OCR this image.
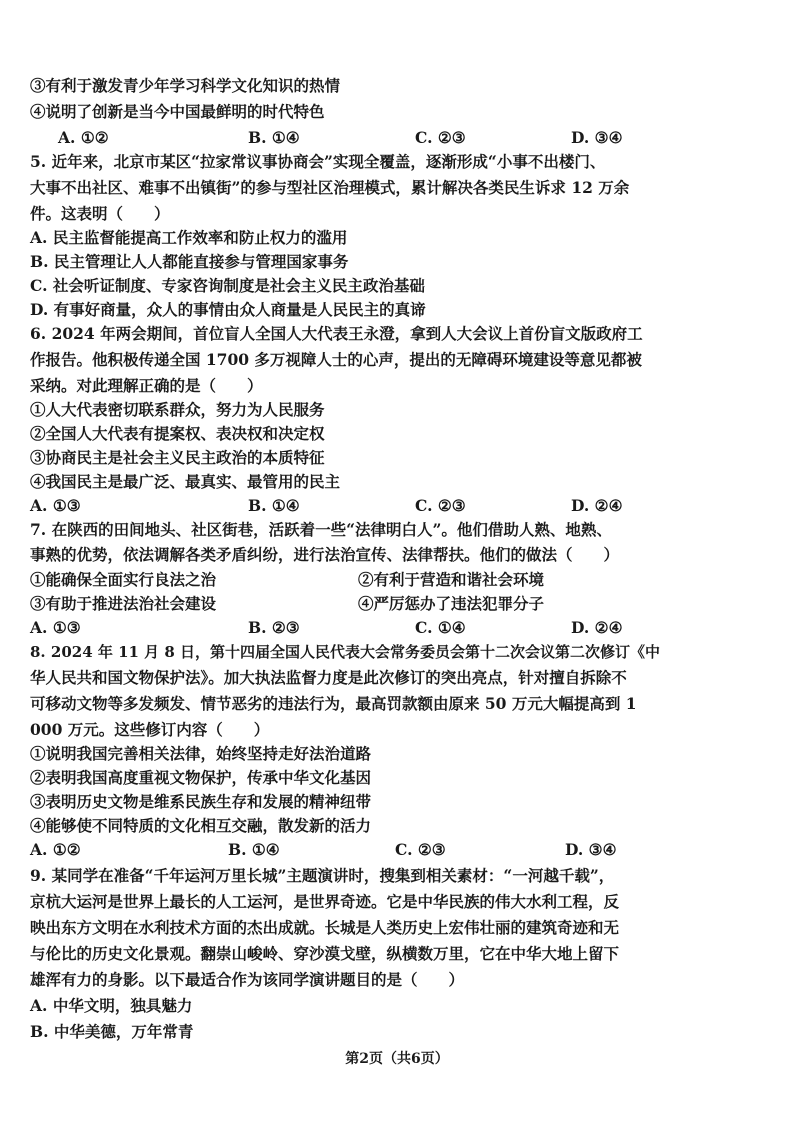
③有利于激发青少年学习科学文化知识的热情
④说明了创新是当今中国最鲜明的时代特色
A. ①②	B. ①④	C. ②③	D. ③④
5. 近年来，北京市某区“拉家常议事协商会”实现全覆盖，逐渐形成“小事不出楼门、
大事不出社区、难事不出镇街”的参与型社区治理模式，累计解决各类民生诉求 12 万余
件。这表明（　　）
A. 民主监督能提高工作效率和防止权力的滥用
B. 民主管理让人人都能直接参与管理国家事务
C. 社会听证制度、专家咨询制度是社会主义民主政治基础
D. 有事好商量，众人的事情由众人商量是人民民主的真谛
6. 2024 年两会期间，首位盲人全国人大代表王永澄，拿到人大会议上首份盲文版政府工
作报告。他积极传递全国 1700 多万视障人士的心声，提出的无障碍环境建设等意见都被
采纳。对此理解正确的是（　　）
①人大代表密切联系群众，努力为人民服务
②全国人大代表有提案权、表决权和决定权
③协商民主是社会主义民主政治的本质特征
④我国民主是最广泛、最真实、最管用的民主
A. ①③	B. ①④	C. ②③	D. ②④
7. 在陕西的田间地头、社区街巷，活跃着一些“法律明白人”。他们借助人熟、地熟、
事熟的优势，依法调解各类矛盾纠纷，进行法治宣传、法律帮扶。他们的做法（　　）
①能确保全面实行良法之治	②有利于营造和谐社会环境
③有助于推进法治社会建设	④严厉惩办了违法犯罪分子
A. ①③	B. ②③	C. ①④	D. ②④
8. 2024 年 11 月 8 日，第十四届全国人民代表大会常务委员会第十二次会议第二次修订《中
华人民共和国文物保护法》。加大执法监督力度是此次修订的突出亮点，针对擅自拆除不
可移动文物等多发频发、情节恶劣的违法行为，最高罚款额由原来 50 万元大幅提高到 1
000 万元。这些修订内容（　　）
①说明我国完善相关法律，始终坚持走好法治道路
②表明我国高度重视文物保护，传承中华文化基因
③表明历史文物是维系民族生存和发展的精神纽带
④能够使不同特质的文化相互交融，散发新的活力
A. ①②	B. ①④	C. ②③	D. ③④
9. 某同学在准备“千年运河万里长城”主题演讲时，搜集到相关素材：“一河越千载”，
京杭大运河是世界上最长的人工运河，是世界奇迹。它是中华民族的伟大水利工程，反
映出东方文明在水利技术方面的杰出成就。长城是人类历史上宏伟壮丽的建筑奇迹和无
与伦比的历史文化景观。翻崇山峻岭、穿沙漠戈壁，纵横数万里，它在中华大地上留下
雄浑有力的身影。以下最适合作为该同学演讲题目的是（　　）
A. 中华文明，独具魅力
B. 中华美德，万年常青
第2页（共6页）
